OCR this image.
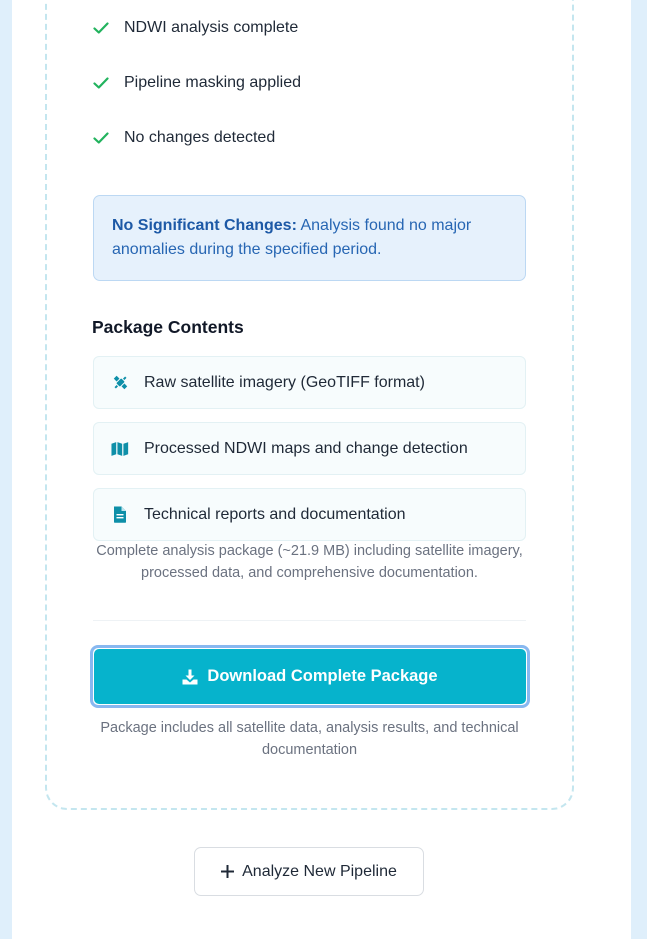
NDWI analysis complete
Pipeline masking applied
No changes detected
No Significant Changes: Analysis found no major anomalies during the specified period.
Package Contents
Raw satellite imagery (GeoTIFF format)
Processed NDWI maps and change detection
Technical reports and documentation
Complete analysis package (~21.9 MB) including satellite imagery, processed data, and comprehensive documentation.
Download Complete Package
Package includes all satellite data, analysis results, and technical documentation
Analyze New Pipeline
